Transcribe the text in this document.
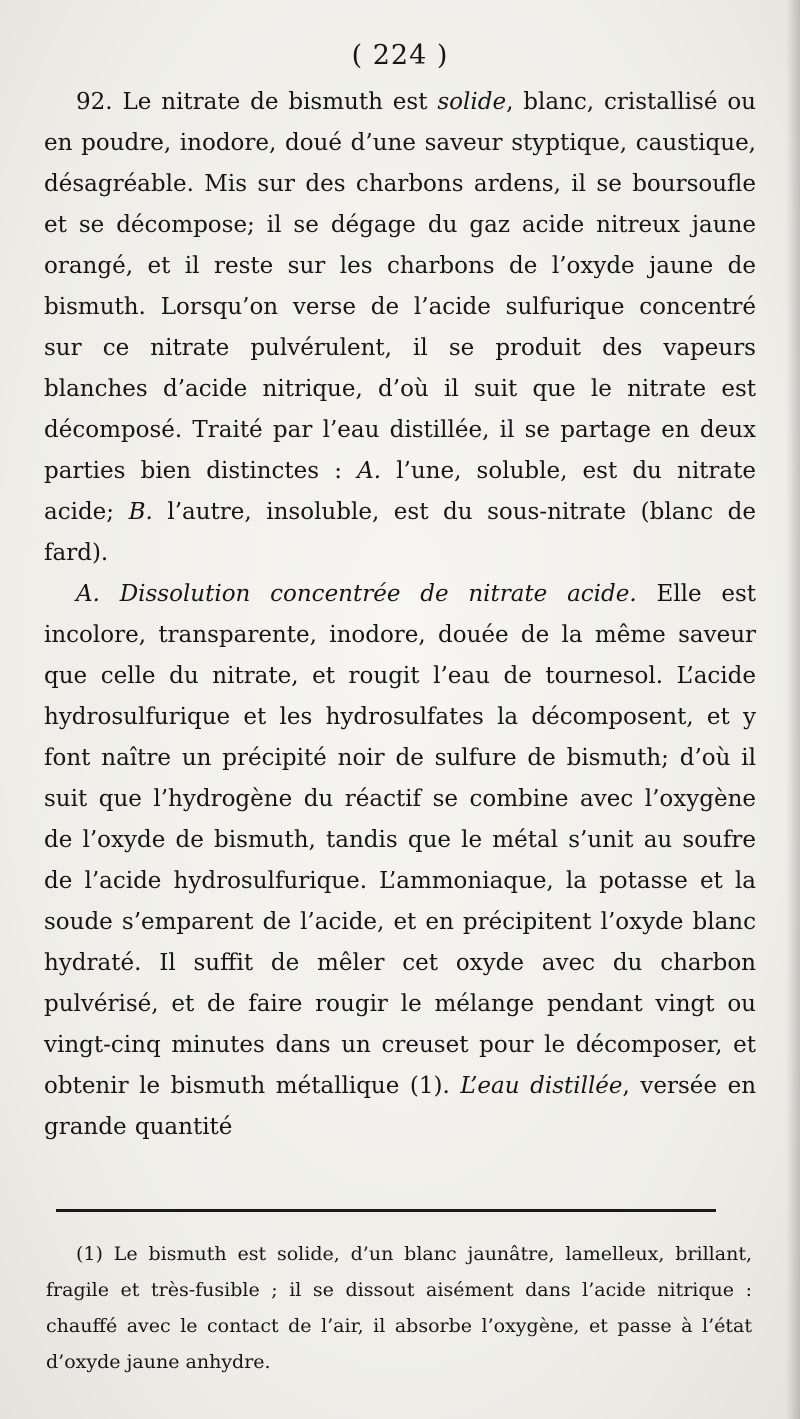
( 224 )

92. Le nitrate de bismuth est solide, blanc, cristallisé ou en poudre, inodore, doué d’une saveur styptique, caustique, désagréable. Mis sur des charbons ardens, il se boursoufle et se décompose; il se dégage du gaz acide nitreux jaune orangé, et il reste sur les charbons de l’oxyde jaune de bismuth. Lorsqu’on verse de l’acide sulfurique concentré sur ce nitrate pulvérulent, il se produit des vapeurs blanches d’acide nitrique, d’où il suit que le nitrate est décomposé. Traité par l’eau distillée, il se partage en deux parties bien distinctes : A. l’une, soluble, est du nitrate acide; B. l’autre, insoluble, est du sous-nitrate (blanc de fard).

A. Dissolution concentrée de nitrate acide. Elle est incolore, transparente, inodore, douée de la même saveur que celle du nitrate, et rougit l’eau de tournesol. L’acide hydrosulfurique et les hydrosulfates la décomposent, et y font naître un précipité noir de sulfure de bismuth; d’où il suit que l’hydrogène du réactif se combine avec l’oxygène de l’oxyde de bismuth, tandis que le métal s’unit au soufre de l’acide hydrosulfurique. L’ammoniaque, la potasse et la soude s’emparent de l’acide, et en précipitent l’oxyde blanc hydraté. Il suffit de mêler cet oxyde avec du charbon pulvérisé, et de faire rougir le mélange pendant vingt ou vingt-cinq minutes dans un creuset pour le décomposer, et obtenir le bismuth métallique (1). L’eau distillée, versée en grande quantité

(1) Le bismuth est solide, d’un blanc jaunâtre, lamelleux, brillant, fragile et très-fusible ; il se dissout aisément dans l’acide nitrique : chauffé avec le contact de l’air, il absorbe l’oxygène, et passe à l’état d’oxyde jaune anhydre.
